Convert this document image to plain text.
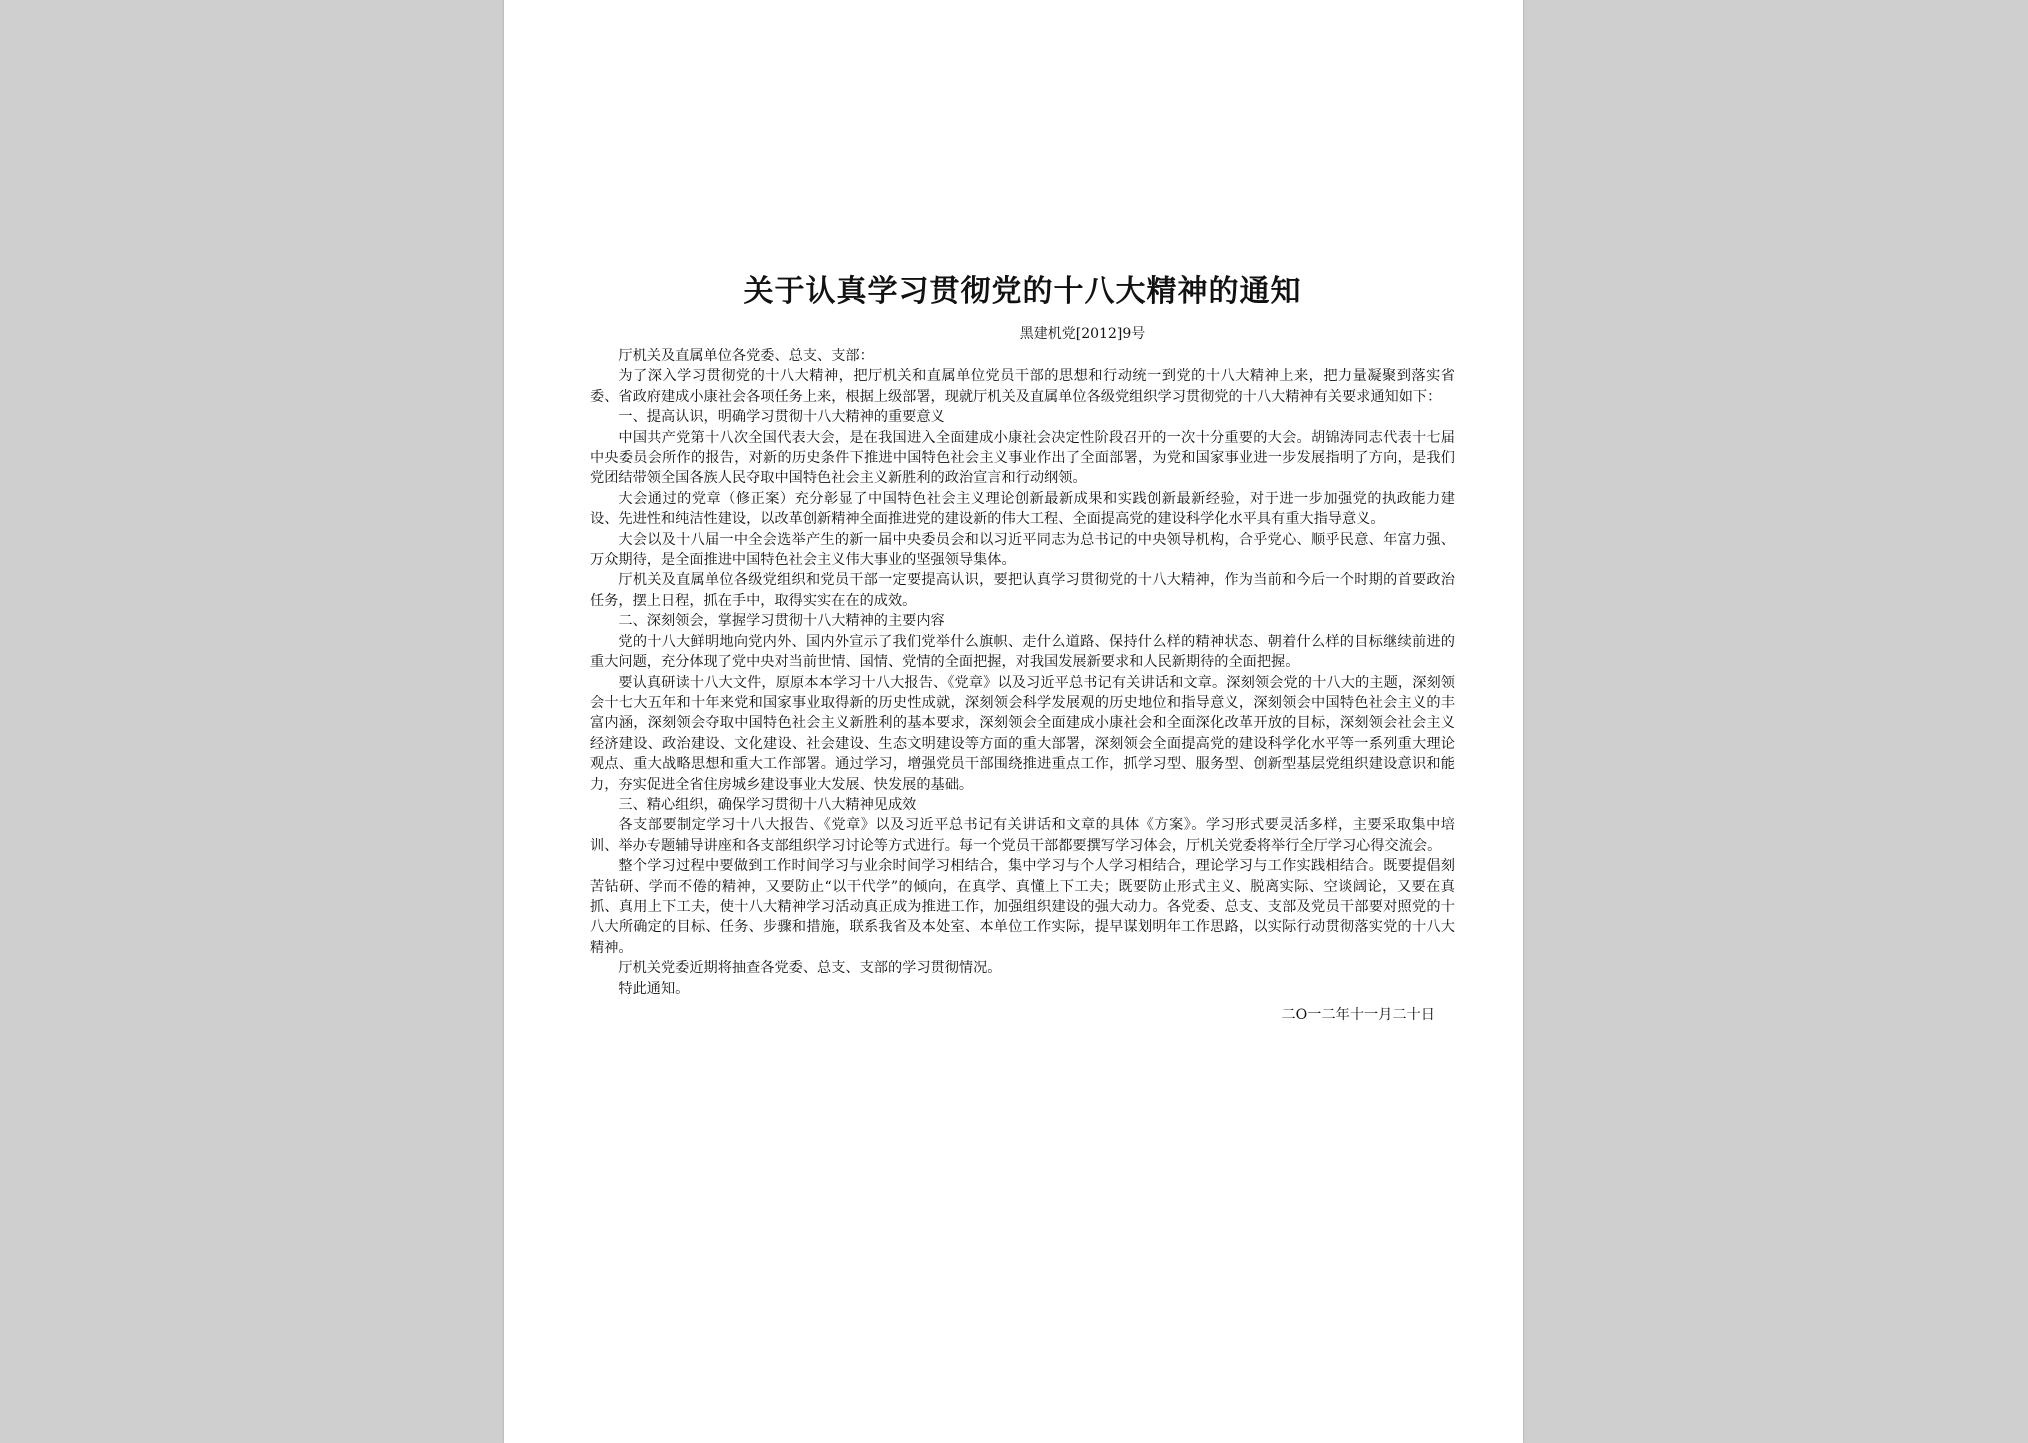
关于认真学习贯彻党的十八大精神的通知
黑建机党[2012]9号

厅机关及直属单位各党委、总支、支部：

为了深入学习贯彻党的十八大精神，把厅机关和直属单位党员干部的思想和行动统一到党的十八大精神上来，把力量凝聚到落实省委、省政府建成小康社会各项任务上来，根据上级部署，现就厅机关及直属单位各级党组织学习贯彻党的十八大精神有关要求通知如下：

一、提高认识，明确学习贯彻十八大精神的重要意义

中国共产党第十八次全国代表大会，是在我国进入全面建成小康社会决定性阶段召开的一次十分重要的大会。胡锦涛同志代表十七届中央委员会所作的报告，对新的历史条件下推进中国特色社会主义事业作出了全面部署，为党和国家事业进一步发展指明了方向，是我们党团结带领全国各族人民夺取中国特色社会主义新胜利的政治宣言和行动纲领。

大会通过的党章（修正案）充分彰显了中国特色社会主义理论创新最新成果和实践创新最新经验，对于进一步加强党的执政能力建设、先进性和纯洁性建设，以改革创新精神全面推进党的建设新的伟大工程、全面提高党的建设科学化水平具有重大指导意义。

大会以及十八届一中全会选举产生的新一届中央委员会和以习近平同志为总书记的中央领导机构，合乎党心、顺乎民意、年富力强、万众期待，是全面推进中国特色社会主义伟大事业的坚强领导集体。

厅机关及直属单位各级党组织和党员干部一定要提高认识，要把认真学习贯彻党的十八大精神，作为当前和今后一个时期的首要政治任务，摆上日程，抓在手中，取得实实在在的成效。

二、深刻领会，掌握学习贯彻十八大精神的主要内容

党的十八大鲜明地向党内外、国内外宣示了我们党举什么旗帜、走什么道路、保持什么样的精神状态、朝着什么样的目标继续前进的重大问题，充分体现了党中央对当前世情、国情、党情的全面把握，对我国发展新要求和人民新期待的全面把握。

要认真研读十八大文件，原原本本学习十八大报告、《党章》以及习近平总书记有关讲话和文章。深刻领会党的十八大的主题，深刻领会十七大五年和十年来党和国家事业取得新的历史性成就，深刻领会科学发展观的历史地位和指导意义，深刻领会中国特色社会主义的丰富内涵，深刻领会夺取中国特色社会主义新胜利的基本要求，深刻领会全面建成小康社会和全面深化改革开放的目标，深刻领会社会主义经济建设、政治建设、文化建设、社会建设、生态文明建设等方面的重大部署，深刻领会全面提高党的建设科学化水平等一系列重大理论观点、重大战略思想和重大工作部署。通过学习，增强党员干部围绕推进重点工作，抓学习型、服务型、创新型基层党组织建设意识和能力，夯实促进全省住房城乡建设事业大发展、快发展的基础。

三、精心组织，确保学习贯彻十八大精神见成效

各支部要制定学习十八大报告、《党章》以及习近平总书记有关讲话和文章的具体《方案》。学习形式要灵活多样，主要采取集中培训、举办专题辅导讲座和各支部组织学习讨论等方式进行。每一个党员干部都要撰写学习体会，厅机关党委将举行全厅学习心得交流会。

整个学习过程中要做到工作时间学习与业余时间学习相结合，集中学习与个人学习相结合，理论学习与工作实践相结合。既要提倡刻苦钻研、学而不倦的精神，又要防止“以干代学”的倾向，在真学、真懂上下工夫；既要防止形式主义、脱离实际、空谈阔论，又要在真抓、真用上下工夫，使十八大精神学习活动真正成为推进工作，加强组织建设的强大动力。各党委、总支、支部及党员干部要对照党的十八大所确定的目标、任务、步骤和措施，联系我省及本处室、本单位工作实际，提早谋划明年工作思路，以实际行动贯彻落实党的十八大精神。

厅机关党委近期将抽查各党委、总支、支部的学习贯彻情况。

特此通知。

二O一二年十一月二十日
